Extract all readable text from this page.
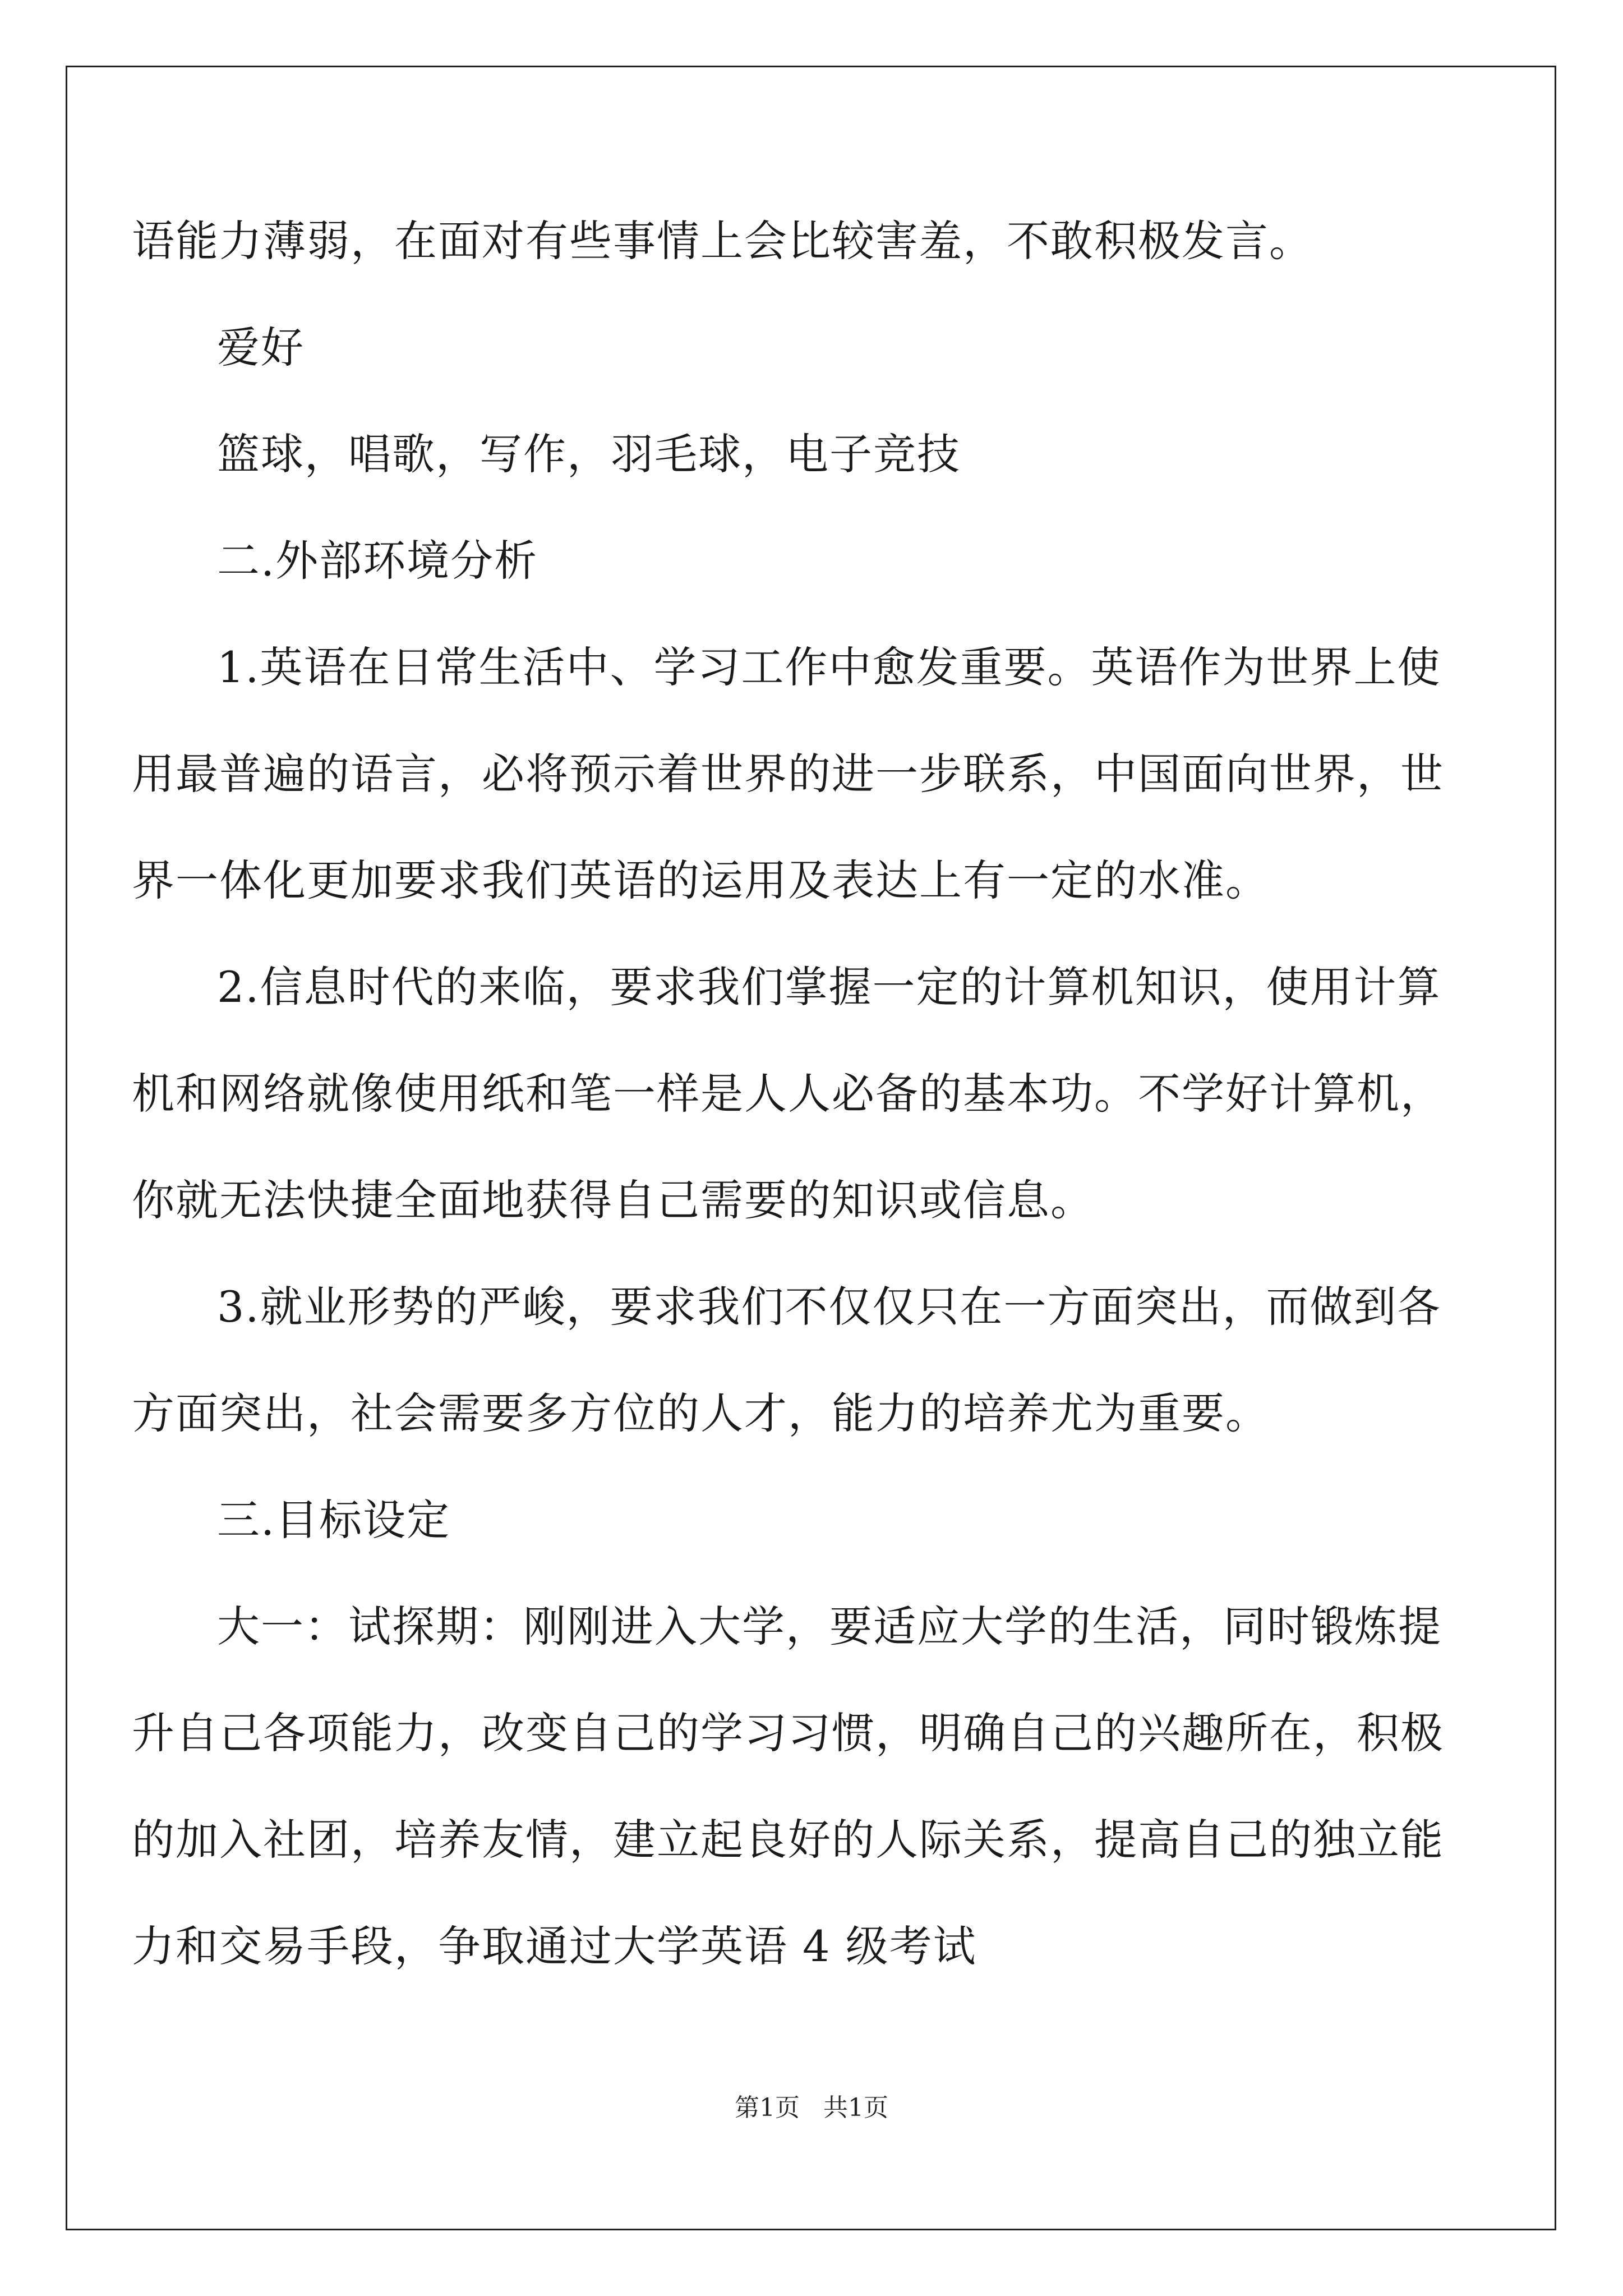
语能力薄弱，在面对有些事情上会比较害羞，不敢积极发言。
爱好
篮球，唱歌，写作，羽毛球，电子竞技
二.外部环境分析
1.英语在日常生活中、学习工作中愈发重要。英语作为世界上使
用最普遍的语言，必将预示着世界的进一步联系，中国面向世界，世
界一体化更加要求我们英语的运用及表达上有一定的水准。
2.信息时代的来临，要求我们掌握一定的计算机知识，使用计算
机和网络就像使用纸和笔一样是人人必备的基本功。不学好计算机，
你就无法快捷全面地获得自己需要的知识或信息。
3.就业形势的严峻，要求我们不仅仅只在一方面突出，而做到各
方面突出，社会需要多方位的人才，能力的培养尤为重要。
三.目标设定
大一：试探期：刚刚进入大学，要适应大学的生活，同时锻炼提
升自己各项能力，改变自己的学习习惯，明确自己的兴趣所在，积极
的加入社团，培养友情，建立起良好的人际关系，提高自己的独立能
力和交易手段，争取通过大学英语 4 级考试
第1页   共1页
